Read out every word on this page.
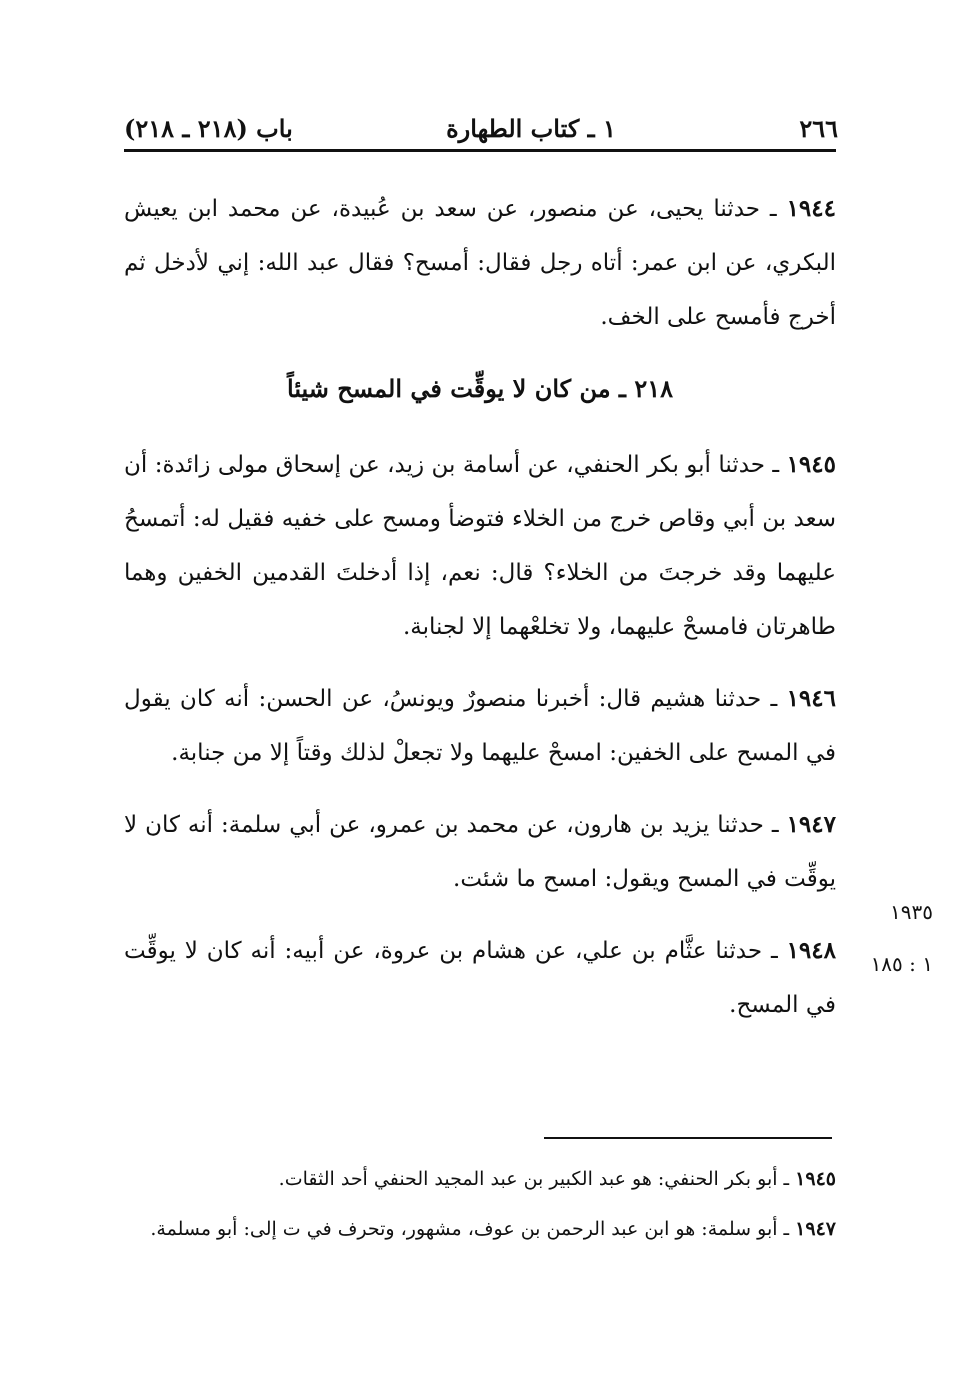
٢٦٦
١ ـ كتاب الطهارة
باب (٢١٨ ـ ٢١٨)

١٩٤٤ ـ حدثنا يحيى، عن منصور، عن سعد بن عُبيدة، عن محمد ابن يعيش البكري، عن ابن عمر: أتاه رجل فقال: أمسح؟ فقال عبد الله: إني لأدخل ثم أخرج فأمسح على الخف.

٢١٨ ـ من كان لا يوقِّت في المسح شيئاً

١٩٤٥ ـ حدثنا أبو بكر الحنفي، عن أسامة بن زيد، عن إسحاق مولى زائدة: أن سعد بن أبي وقاص خرج من الخلاء فتوضأ ومسح على خفيه فقيل له: أتمسحُ عليهما وقد خرجتَ من الخلاء؟ قال: نعم، إذا أدخلتَ القدمين الخفين وهما طاهرتان فامسحْ عليهما، ولا تخلعْهما إلا لجنابة.

١٩٤٦ ـ حدثنا هشيم قال: أخبرنا منصورٌ ويونسُ، عن الحسن: أنه كان يقول في المسح على الخفين: امسحْ عليهما ولا تجعلْ لذلك وقتاً إلا من جنابة.

١٩٤٧ ـ حدثنا يزيد بن هارون، عن محمد بن عمرو، عن أبي سلمة: أنه كان لا يوقِّت في المسح ويقول: امسح ما شئت.

١٩٤٨ ـ حدثنا عثَّام بن علي، عن هشام بن عروة، عن أبيه: أنه كان لا يوقِّت في المسح.

١٩٣٥
١ : ١٨٥

١٩٤٥ ـ أبو بكر الحنفي: هو عبد الكبير بن عبد المجيد الحنفي أحد الثقات.

١٩٤٧ ـ أبو سلمة: هو ابن عبد الرحمن بن عوف، مشهور، وتحرف في ت إلى: أبو مسلمة.
